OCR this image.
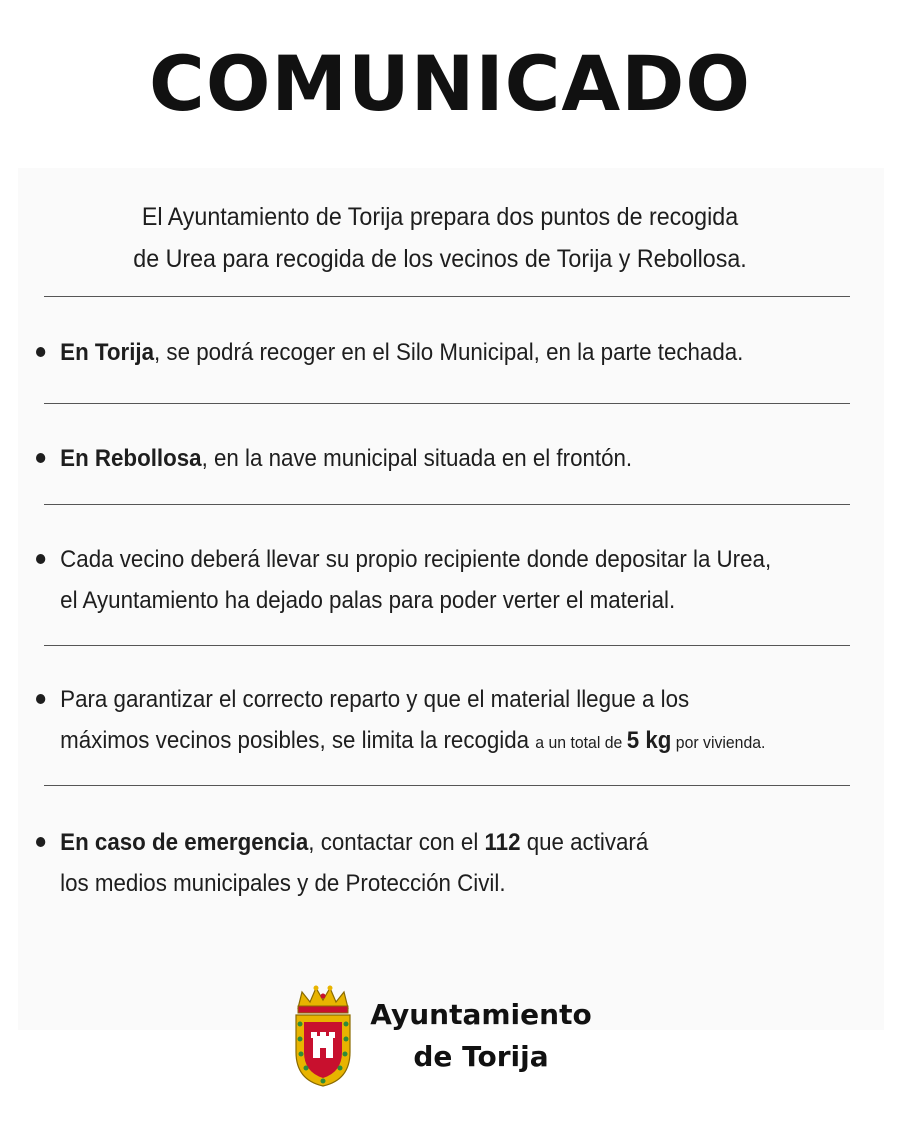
COMUNICADO
El Ayuntamiento de Torija prepara dos puntos de recogida
de Urea para recogida de los vecinos de Torija y Rebollosa.
En Torija, se podrá recoger en el Silo Municipal, en la parte techada.
En Rebollosa, en la nave municipal situada en el frontón.
Cada vecino deberá llevar su propio recipiente donde depositar la Urea,
el Ayuntamiento ha dejado palas para poder verter el material.
Para garantizar el correcto reparto y que el material llegue a los
máximos vecinos posibles, se limita la recogida a un total de 5 kg por vivienda.
En caso de emergencia, contactar con el 112 que activará
los medios municipales y de Protección Civil.
Ayuntamiento
de Torija
